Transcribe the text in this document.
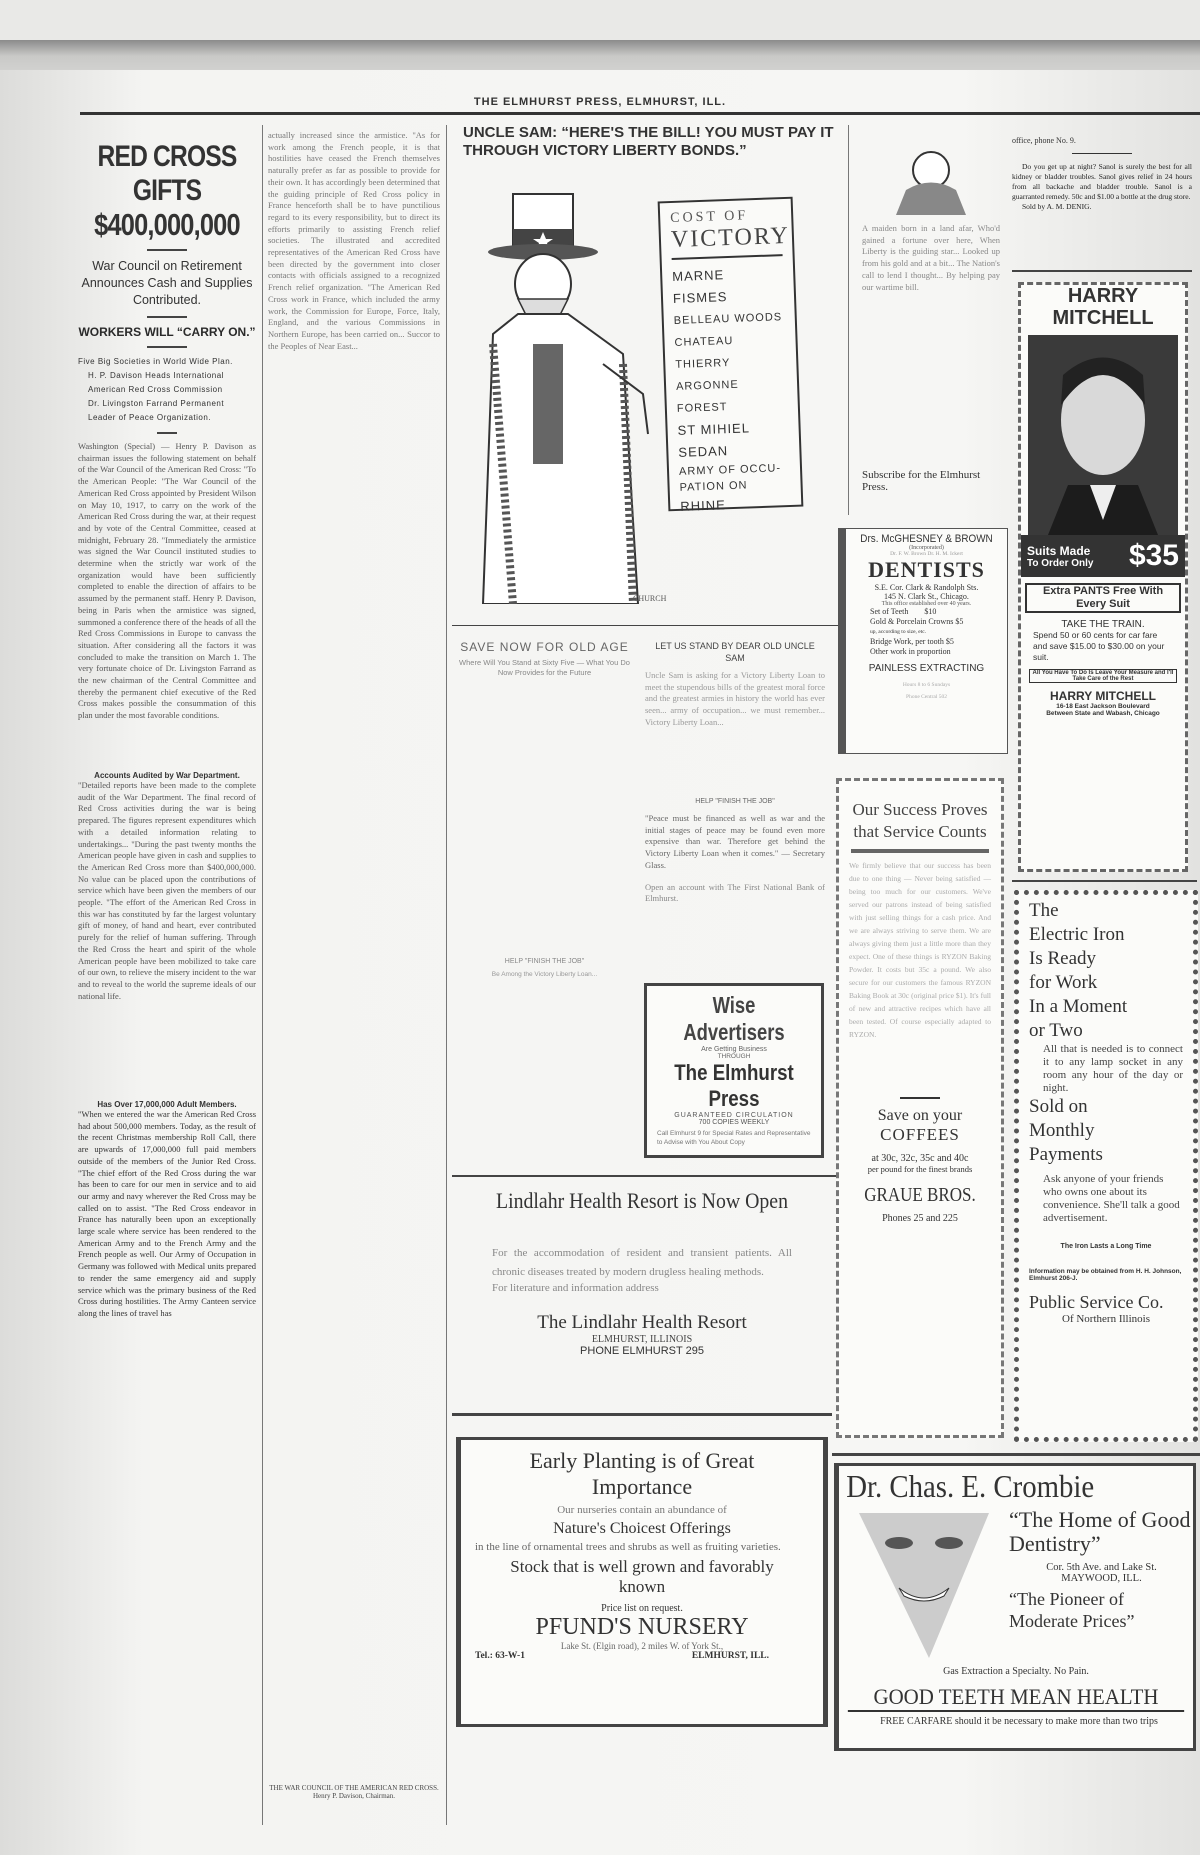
THE ELMHURST PRESS, ELMHURST, ILL.
RED CROSS GIFTS
$400,000,000
War Council on Retirement Announces Cash and Supplies Contributed.
WORKERS WILL “CARRY ON.”
Five Big Societies in World Wide Plan.
H. P. Davison Heads International
American Red Cross Commission
Dr. Livingston Farrand Permanent
Leader of Peace Organization.
Washington (Special) — Henry P. Davison as chairman issues the following statement on behalf of the War Council of the American Red Cross: "To the American People: "The War Council of the American Red Cross appointed by President Wilson on May 10, 1917, to carry on the work of the American Red Cross during the war, at their request and by vote of the Central Committee, ceased at midnight, February 28. "Immediately the armistice was signed the War Council instituted studies to determine when the strictly war work of the organization would have been sufficiently completed to enable the direction of affairs to be assumed by the permanent staff. Henry P. Davison, being in Paris when the armistice was signed, summoned a conference there of the heads of all the Red Cross Commissions in Europe to canvass the situation. After considering all the factors it was concluded to make the transition on March 1. The very fortunate choice of Dr. Livingston Farrand as the new chairman of the Central Committee and thereby the permanent chief executive of the Red Cross makes possible the consummation of this plan under the most favorable conditions.
Accounts Audited by War Department.
"Detailed reports have been made to the complete audit of the War Department. The final record of Red Cross activities during the war is being prepared. The figures represent expenditures which with a detailed information relating to undertakings... "During the past twenty months the American people have given in cash and supplies to the American Red Cross more than $400,000,000. No value can be placed upon the contributions of service which have been given the members of our people. "The effort of the American Red Cross in this war has constituted by far the largest voluntary gift of money, of hand and heart, ever contributed purely for the relief of human suffering. Through the Red Cross the heart and spirit of the whole American people have been mobilized to take care of our own, to relieve the misery incident to the war and to reveal to the world the supreme ideals of our national life.
Has Over 17,000,000 Adult Members.
"When we entered the war the American Red Cross had about 500,000 members. Today, as the result of the recent Christmas membership Roll Call, there are upwards of 17,000,000 full paid members outside of the members of the Junior Red Cross. "The chief effort of the Red Cross during the war has been to care for our men in service and to aid our army and navy wherever the Red Cross may be called on to assist. "The Red Cross endeavor in France has naturally been upon an exceptionally large scale where service has been rendered to the American Army and to the French Army and the French people as well. Our Army of Occupation in Germany was followed with Medical units prepared to render the same emergency aid and supply service which was the primary business of the Red Cross during hostilities. The Army Canteen service along the lines of travel has
actually increased since the armistice. "As for work among the French people, it is that hostilities have ceased the French themselves naturally prefer as far as possible to provide for their own. It has accordingly been determined that the guiding principle of Red Cross policy in France henceforth shall be to have punctilious regard to its every responsibility, but to direct its efforts primarily to assisting French relief societies. The illustrated and accredited representatives of the American Red Cross have been directed by the government into closer contacts with officials assigned to a recognized French relief organization. "The American Red Cross work in France, which included the army work, the Commission for Europe, Force, Italy, England, and the various Commissions in Northern Europe, has been carried on... Succor to the Peoples of Near East...
THE WAR COUNCIL OF THE AMERICAN RED CROSS.
Henry P. Davison, Chairman.
UNCLE SAM: “HERE'S THE BILL! YOU MUST PAY IT THROUGH VICTORY LIBERTY BONDS.”
COST OF
VICTORY
MARNE
FISMES
BELLEAU WOODS
CHATEAU THIERRY
ARGONNE FOREST
ST MIHIEL
SEDAN
ARMY OF OCCU-
PATION ON
RHINE
CHURCH
A maiden born in a land afar, Who'd gained a fortune over here, When Liberty is the guiding star... Looked up from his gold and at a bit... The Nation's call to lend I thought... By helping pay our wartime bill.
Subscribe for the Elmhurst Press.
SAVE NOW FOR OLD AGE
Where Will You Stand at Sixty Five — What You Do Now Provides for the Future
HELP "FINISH THE JOB"
Be Among the Victory Liberty Loan...
LET US STAND BY DEAR OLD UNCLE SAM
Uncle Sam is asking for a Victory Liberty Loan to meet the stupendous bills of the greatest moral force and the greatest armies in history the world has ever seen... army of occupation... we must remember... Victory Liberty Loan...
HELP "FINISH THE JOB"
"Peace must be financed as well as war and the initial stages of peace may be found even more expensive than war. Therefore get behind the Victory Liberty Loan when it comes." — Secretary Glass.
Open an account with The First National Bank of Elmhurst.
Wise Advertisers
Are Getting Business
THROUGH
The Elmhurst
Press
GUARANTEED CIRCULATION
700 COPIES WEEKLY
Call Elmhurst 9 for Special Rates and Representative to Advise with You About Copy
Lindlahr Health Resort is Now Open
For the accommodation of resident and transient patients. All chronic diseases treated by modern drugless healing methods.
For literature and information address
The Lindlahr Health Resort
ELMHURST, ILLINOIS
PHONE ELMHURST 295
Early Planting is of Great
Importance
Our nurseries contain an abundance of
Nature's Choicest Offerings
in the line of ornamental trees and shrubs as well as fruiting varieties.
Stock that is well grown and favorably known
Price list on request.
PFUND'S NURSERY
Lake St. (Elgin road), 2 miles W. of York St.,
Tel.: 63-W-1	ELMHURST, ILL.
Drs. McGHESNEY & BROWN
(Incorporated)
Dr. F. W. Brown Dr. H. M. Ickert
DENTISTS
S.E. Cor. Clark & Randolph Sts.
145 N. Clark St., Chicago.
This office established over 40 years.
Set of Teeth $10
Gold & Porcelain Crowns $5
up, according to size, etc.
Bridge Work, per tooth $5
Other work in proportion
PAINLESS EXTRACTING
Hours 8 to 6 Sundays
Phone Central 502
Our Success Proves that Service Counts
We firmly believe that our success has been due to one thing — Never being satisfied — being too much for our customers. We've served our patrons instead of being satisfied with just selling things for a cash price. And we are always striving to serve them. We are always giving them just a little more than they expect. One of these things is RYZON Baking Powder. It costs but 35c a pound. We also secure for our customers the famous RYZON Baking Book at 30c (original price $1). It's full of new and attractive recipes which have all been tested. Of course especially adapted to RYZON.
Save on your
COFFEES
at 30c, 32c, 35c and 40c
per pound for the finest brands
GRAUE BROS.
Phones 25 and 225
office, phone No. 9.
Do you get up at night? Sanol is surely the best for all kidney or bladder troubles. Sanol gives relief in 24 hours from all backache and bladder trouble. Sanol is a guarranted remedy. 50c and $1.00 a bottle at the drug store.
Sold by A. M. DENIG.
HARRY
MITCHELL
Suits Made
To Order Only $35
Extra PANTS Free With Every Suit
TAKE THE TRAIN.
Spend 50 or 60 cents for car fare and save $15.00 to $30.00 on your suit.
All You Have To Do Is Leave Your Measure and I'll Take Care of the Rest
HARRY MITCHELL
16-18 East Jackson Boulevard
Between State and Wabash, Chicago
The
Electric Iron
Is Ready
for Work
In a Moment
or Two
All that is needed is to connect it to any lamp socket in any room any hour of the day or night.
Sold on
Monthly
Payments
Ask anyone of your friends who owns one about its convenience. She'll talk a good advertisement.
The Iron Lasts a Long Time
Information may be obtained from H. H. Johnson, Elmhurst 206-J.
Public Service Co.
Of Northern Illinois
Dr. Chas. E. Crombie
“The Home of Good Dentistry”
Cor. 5th Ave. and Lake St.
MAYWOOD, ILL.
“The Pioneer of Moderate Prices”
Gas Extraction a Specialty. No Pain.
GOOD TEETH MEAN HEALTH
FREE CARFARE should it be necessary to make more than two trips
